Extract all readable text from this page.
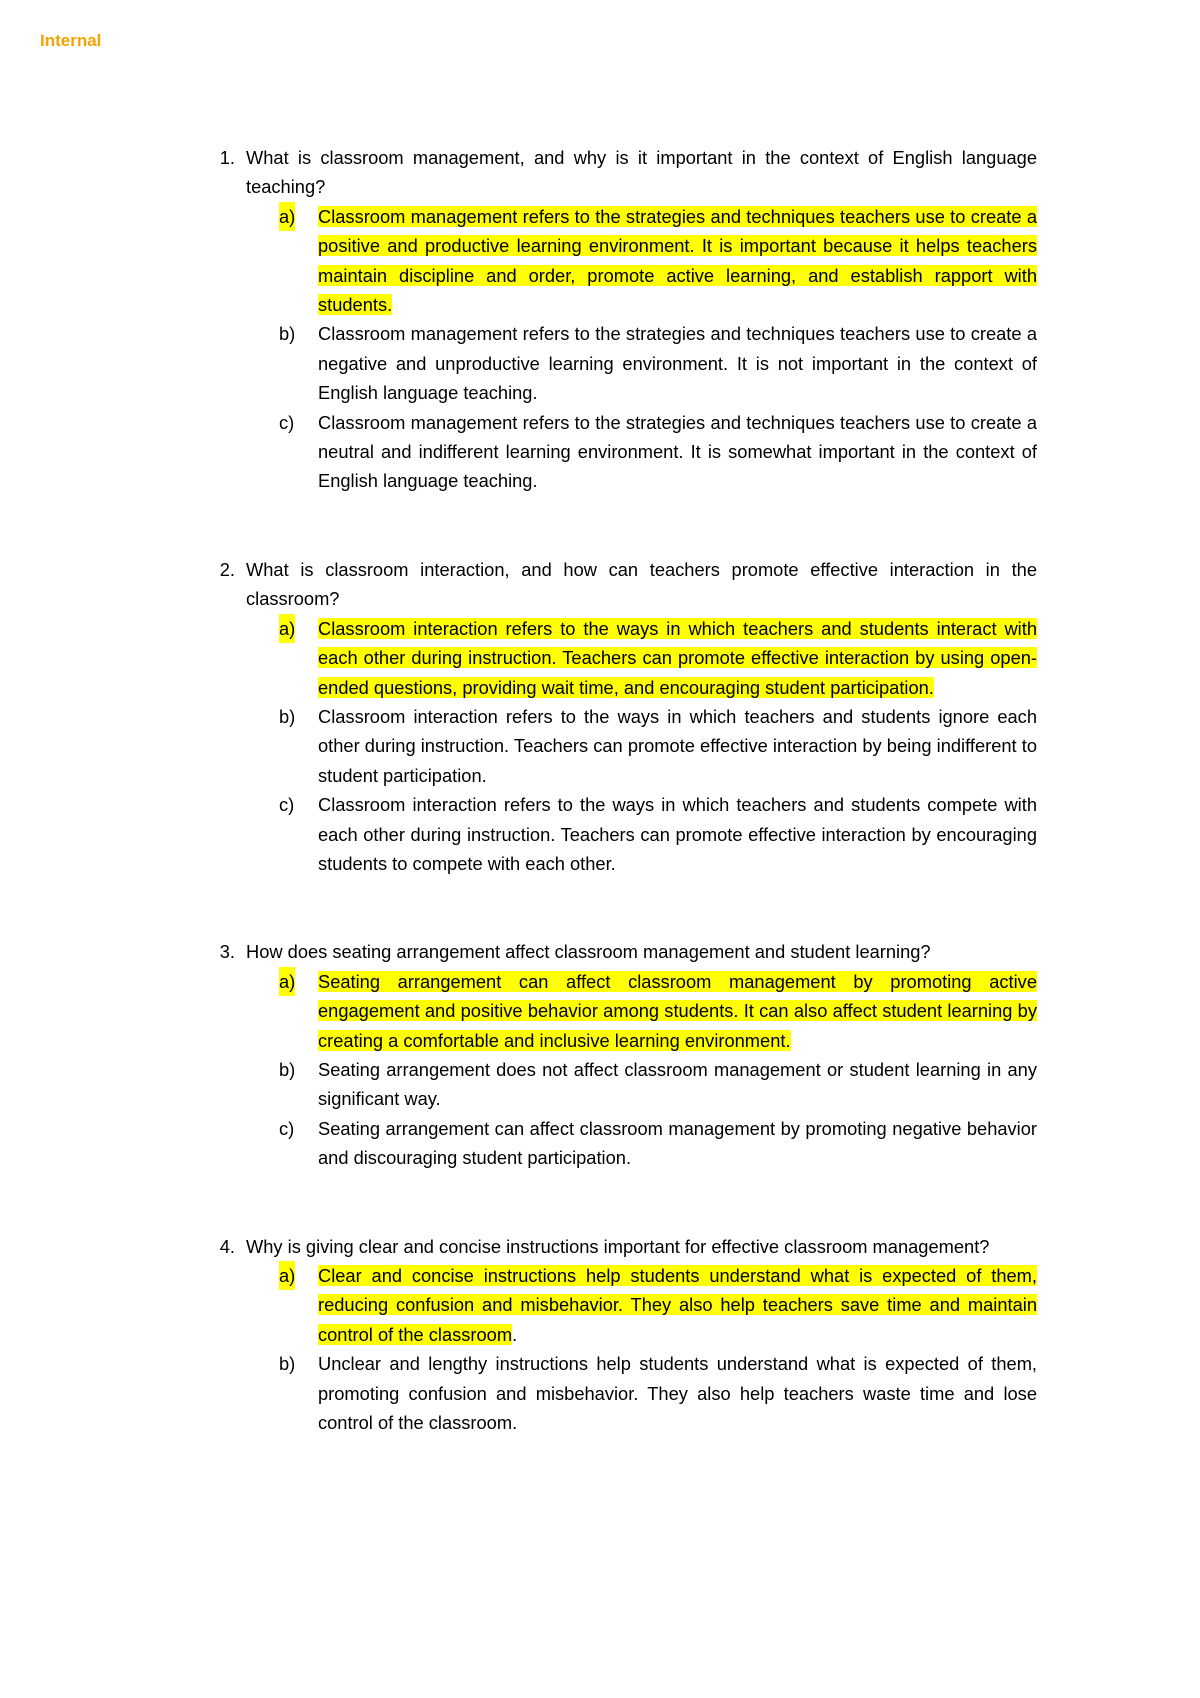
Internal
1. What is classroom management, and why is it important in the context of English language teaching?
a) Classroom management refers to the strategies and techniques teachers use to create a positive and productive learning environment. It is important because it helps teachers maintain discipline and order, promote active learning, and establish rapport with students.
b) Classroom management refers to the strategies and techniques teachers use to create a negative and unproductive learning environment. It is not important in the context of English language teaching.
c) Classroom management refers to the strategies and techniques teachers use to create a neutral and indifferent learning environment. It is somewhat important in the context of English language teaching.
2. What is classroom interaction, and how can teachers promote effective interaction in the classroom?
a) Classroom interaction refers to the ways in which teachers and students interact with each other during instruction. Teachers can promote effective interaction by using open-ended questions, providing wait time, and encouraging student participation.
b) Classroom interaction refers to the ways in which teachers and students ignore each other during instruction. Teachers can promote effective interaction by being indifferent to student participation.
c) Classroom interaction refers to the ways in which teachers and students compete with each other during instruction. Teachers can promote effective interaction by encouraging students to compete with each other.
3. How does seating arrangement affect classroom management and student learning?
a) Seating arrangement can affect classroom management by promoting active engagement and positive behavior among students. It can also affect student learning by creating a comfortable and inclusive learning environment.
b) Seating arrangement does not affect classroom management or student learning in any significant way.
c) Seating arrangement can affect classroom management by promoting negative behavior and discouraging student participation.
4. Why is giving clear and concise instructions important for effective classroom management?
a) Clear and concise instructions help students understand what is expected of them, reducing confusion and misbehavior. They also help teachers save time and maintain control of the classroom.
b) Unclear and lengthy instructions help students understand what is expected of them, promoting confusion and misbehavior. They also help teachers waste time and lose control of the classroom.
